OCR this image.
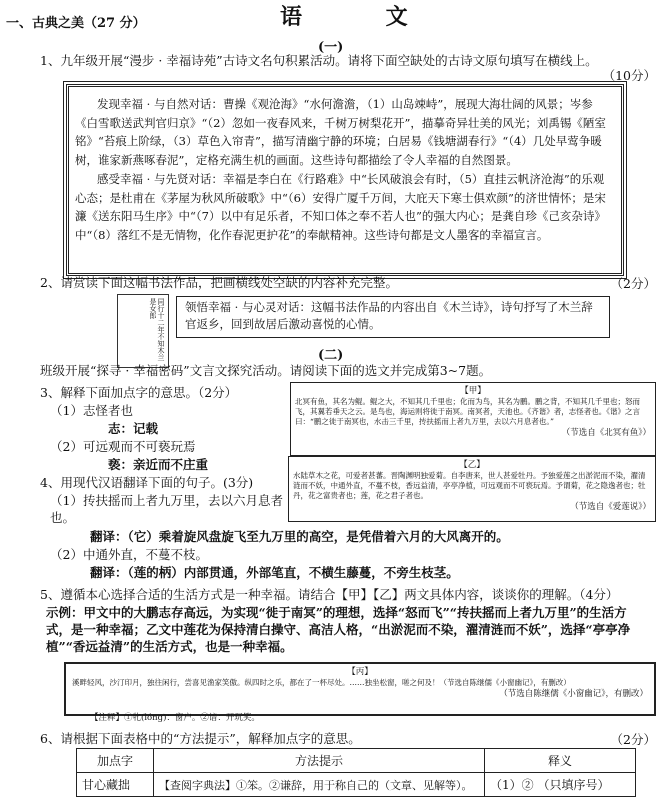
一、古典之美（27 分）	语 文
(一)
1、九年级开展“漫步 · 幸福诗苑”古诗文名句积累活动。请将下面空缺处的古诗文原句填写在横线上。
（10分）

发现幸福 · 与自然对话：曹操《观沧海》“水何澹澹，（1）山岛竦峙”，展现大海壮阔的风景；岑参《白雪歌送武判官归京》“（2）忽如一夜春风来，千树万树梨花开”，描摹奇异壮美的风光；刘禹锡《陋室铭》“苔痕上阶绿，（3）草色入帘青”，描写清幽宁静的环境；白居易《钱塘湖春行》“（4）几处早莺争暖树，谁家新燕啄春泥”，定格充满生机的画面。这些诗句都描绘了令人幸福的自然图景。

感受幸福 · 与先贤对话：幸福是李白在《行路难》中“长风破浪会有时，（5）直挂云帆济沧海”的乐观心态；是杜甫在《茅屋为秋风所破歌》中“（6）安得广厦千万间，大庇天下寒士俱欢颜”的济世情怀；是宋濂《送东阳马生序》中“（7）以中有足乐者，不知口体之奉不若人也”的强大内心；是龚自珍《己亥杂诗》中“（8）落红不是无情物，化作春泥更护花”的奉献精神。这些诗句都是文人墨客的幸福宣言。

2、请赏读下面这幅书法作品，把画横线处空缺的内容补充完整。	（2分）
同行十二年不知木兰是女郎	领悟幸福 · 与心灵对话：这幅书法作品的内容出自《木兰诗》，诗句抒写了木兰辞官返乡，回到故居后激动喜悦的心情。
(二)
班级开展“探寻 · 幸福密码”文言文探究活动。请阅读下面的选文并完成第3~7题。
3、解释下面加点字的意思。（2分）
（1）志怪者也
志：记载
（2）可远观而不可亵玩焉
亵：亲近而不庄重
【甲】
北冥有鱼，其名为鲲。鲲之大，不知其几千里也；化而为鸟，其名为鹏。鹏之背，不知其几千里也；怒而飞，其翼若垂天之云。是鸟也，海运则将徙于南冥。南冥者，天池也。《齐谐》者，志怪者也。《谐》之言曰：“鹏之徙于南冥也，水击三千里，抟扶摇而上者九万里，去以六月息者也。”
（节选自《北冥有鱼》）
【乙】
水陆草木之花，可爱者甚蕃。晋陶渊明独爱菊。自李唐来，世人甚爱牡丹。予独爱莲之出淤泥而不染，濯清涟而不妖，中通外直，不蔓不枝，香远益清，亭亭净植，可远观而不可亵玩焉。予谓菊，花之隐逸者也；牡丹，花之富贵者也；莲，花之君子者也。
（节选自《爱莲说》）
4、用现代汉语翻译下面的句子。(3分)
（1）抟扶摇而上者九万里，去以六月息者也。
翻译：（它）乘着旋风盘旋飞至九万里的高空，是凭借着六月的大风离开的。
（2）中通外直，不蔓不枝。
翻译：（莲的柄）内部贯通，外部笔直，不横生藤蔓，不旁生枝茎。
5、遵循本心选择合适的生活方式是一种幸福。请结合【甲】【乙】两文具体内容，谈谈你的理解。（4分）
示例：甲文中的大鹏志存高远，为实现“徙于南冥”的理想，选择“怒而飞”“抟扶摇而上者九万里”的生活方式，是一种幸福；乙文中莲花为保持清白操守、高洁人格，“出淤泥而不染，濯清涟而不妖”，选择“亭亭净植”“香远益清”的生活方式，也是一种幸福。
【丙】
溪畔轻风，沙汀印月，独往闲行，尝喜见渔家笑傲。纵四时之乐，都在了一杯尽处。……独坐松窗，嗟之何及！（节选自陈继儒《小窗幽记》，有删改）
（节选自陈继儒《小窗幽记》，有删改）
【注释】①牝(lóng)：窗户。②谙：开玩笑。
6、请根据下面表格中的“方法提示”，解释加点字的意思。	（2分）
加点字	方法提示	释义
甘心藏拙	【查阅字典法】①笨。②谦辞，用于称自己的（文章、见解等）。	（1）② （只填序号）
